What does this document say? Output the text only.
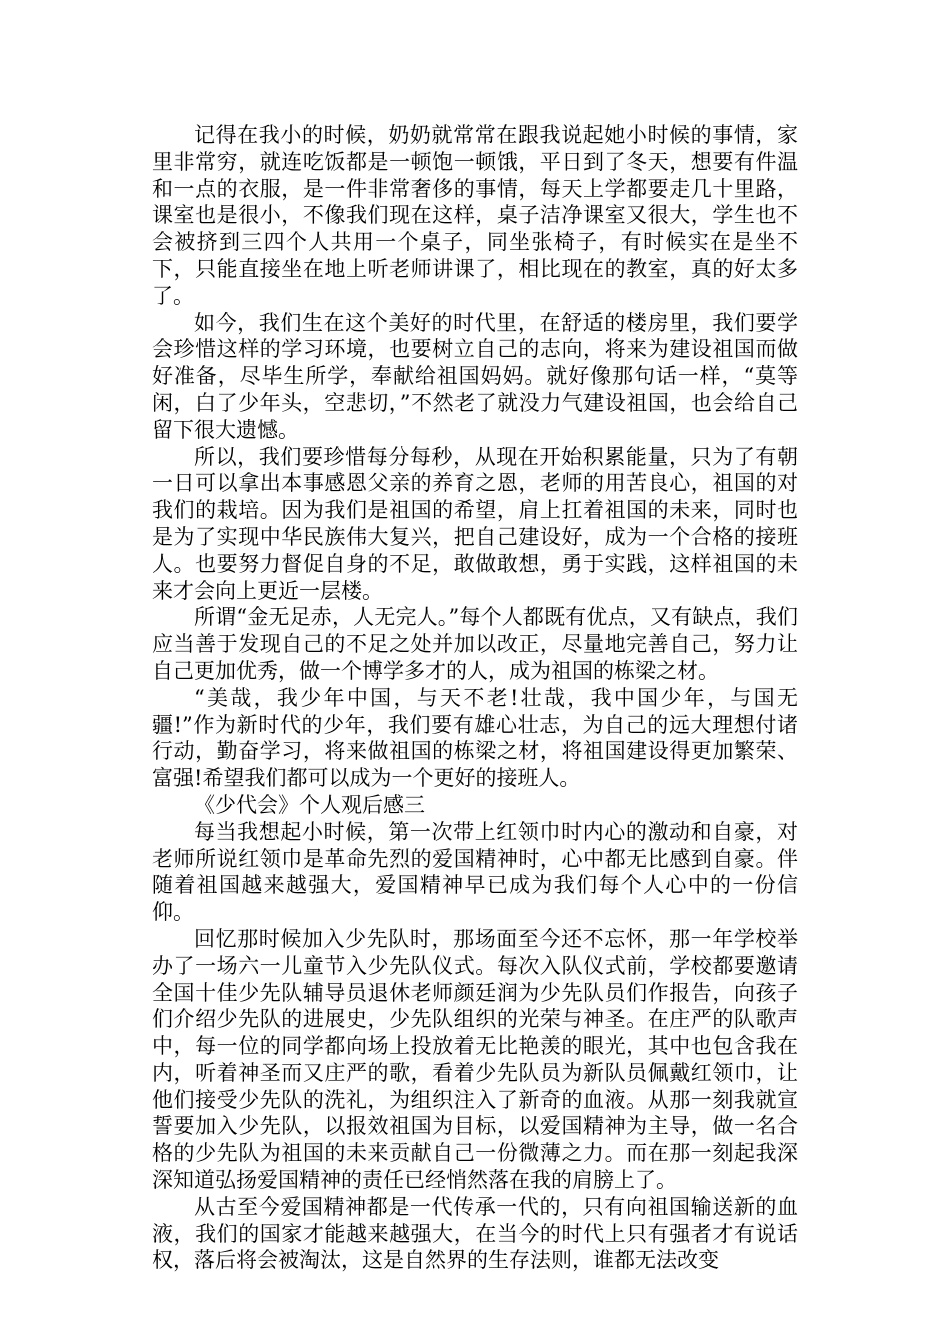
记得在我小的时候，奶奶就常常在跟我说起她小时候的事情，家里非常穷，就连吃饭都是一顿饱一顿饿，平日到了冬天，想要有件温和一点的衣服，是一件非常奢侈的事情，每天上学都要走几十里路，课室也是很小，不像我们现在这样，桌子洁净课室又很大，学生也不会被挤到三四个人共用一个桌子，同坐张椅子，有时候实在是坐不下，只能直接坐在地上听老师讲课了，相比现在的教室，真的好太多了。

如今，我们生在这个美好的时代里，在舒适的楼房里，我们要学会珍惜这样的学习环境，也要树立自己的志向，将来为建设祖国而做好准备，尽毕生所学，奉献给祖国妈妈。就好像那句话一样，“莫等闲，白了少年头，空悲切，”不然老了就没力气建设祖国，也会给自己留下很大遗憾。

所以，我们要珍惜每分每秒，从现在开始积累能量，只为了有朝一日可以拿出本事感恩父亲的养育之恩，老师的用苦良心，祖国的对我们的栽培。因为我们是祖国的希望，肩上扛着祖国的未来，同时也是为了实现中华民族伟大复兴，把自己建设好，成为一个合格的接班人。也要努力督促自身的不足，敢做敢想，勇于实践，这样祖国的未来才会向上更近一层楼。

所谓“金无足赤，人无完人。”每个人都既有优点，又有缺点，我们应当善于发现自己的不足之处并加以改正，尽量地完善自己，努力让自己更加优秀，做一个博学多才的人，成为祖国的栋梁之材。

“美哉，我少年中国，与天不老!壮哉，我中国少年，与国无疆!”作为新时代的少年，我们要有雄心壮志，为自己的远大理想付诸行动，勤奋学习，将来做祖国的栋梁之材，将祖国建设得更加繁荣、富强!希望我们都可以成为一个更好的接班人。

《少代会》个人观后感三

每当我想起小时候，第一次带上红领巾时内心的激动和自豪，对老师所说红领巾是革命先烈的爱国精神时，心中都无比感到自豪。伴随着祖国越来越强大，爱国精神早已成为我们每个人心中的一份信仰。

回忆那时候加入少先队时，那场面至今还不忘怀，那一年学校举办了一场六一儿童节入少先队仪式。每次入队仪式前，学校都要邀请全国十佳少先队辅导员退休老师颜廷润为少先队员们作报告，向孩子们介绍少先队的进展史，少先队组织的光荣与神圣。在庄严的队歌声中，每一位的同学都向场上投放着无比艳羡的眼光，其中也包含我在内，听着神圣而又庄严的歌，看着少先队员为新队员佩戴红领巾，让他们接受少先队的洗礼，为组织注入了新奇的血液。从那一刻我就宣誓要加入少先队，以报效祖国为目标，以爱国精神为主导，做一名合格的少先队为祖国的未来贡献自己一份微薄之力。而在那一刻起我深深知道弘扬爱国精神的责任已经悄然落在我的肩膀上了。

从古至今爱国精神都是一代传承一代的，只有向祖国输送新的血液，我们的国家才能越来越强大，在当今的时代上只有强者才有说话权，落后将会被淘汰，这是自然界的生存法则，谁都无法改变
